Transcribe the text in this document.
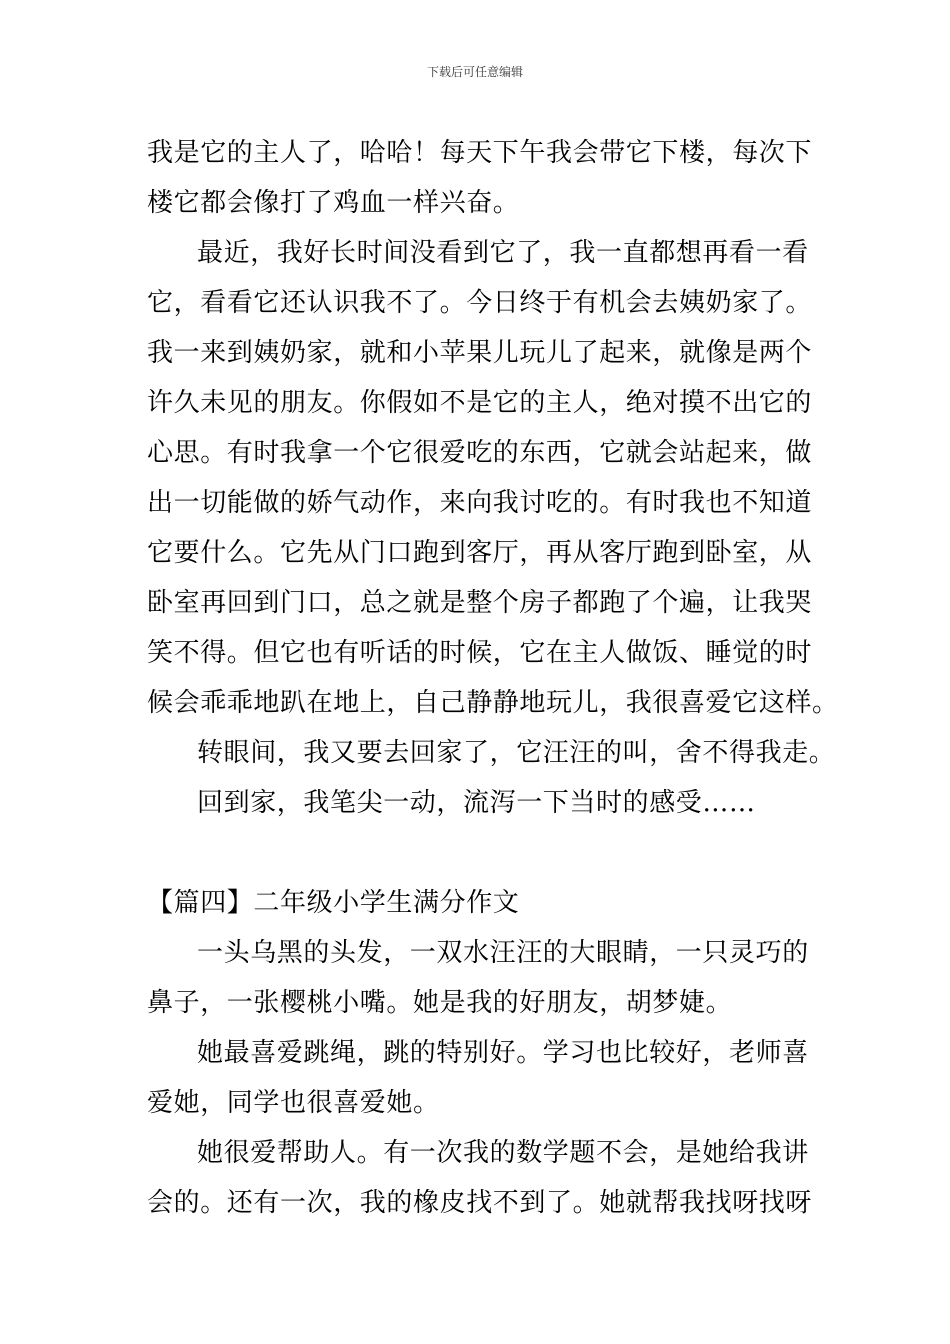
下载后可任意编辑
我是它的主人了，哈哈！每天下午我会带它下楼，每次下
楼它都会像打了鸡血一样兴奋。
最近，我好长时间没看到它了，我一直都想再看一看
它，看看它还认识我不了。今日终于有机会去姨奶家了。
我一来到姨奶家，就和小苹果儿玩儿了起来，就像是两个
许久未见的朋友。你假如不是它的主人，绝对摸不出它的
心思。有时我拿一个它很爱吃的东西，它就会站起来，做
出一切能做的娇气动作，来向我讨吃的。有时我也不知道
它要什么。它先从门口跑到客厅，再从客厅跑到卧室，从
卧室再回到门口，总之就是整个房子都跑了个遍，让我哭
笑不得。但它也有听话的时候，它在主人做饭、睡觉的时
候会乖乖地趴在地上，自己静静地玩儿，我很喜爱它这样。
转眼间，我又要去回家了，它汪汪的叫，舍不得我走。
回到家，我笔尖一动，流泻一下当时的感受……
【篇四】二年级小学生满分作文
一头乌黑的头发，一双水汪汪的大眼睛，一只灵巧的
鼻子，一张樱桃小嘴。她是我的好朋友，胡梦婕。
她最喜爱跳绳，跳的特别好。学习也比较好，老师喜
爱她，同学也很喜爱她。
她很爱帮助人。有一次我的数学题不会，是她给我讲
会的。还有一次，我的橡皮找不到了。她就帮我找呀找呀
